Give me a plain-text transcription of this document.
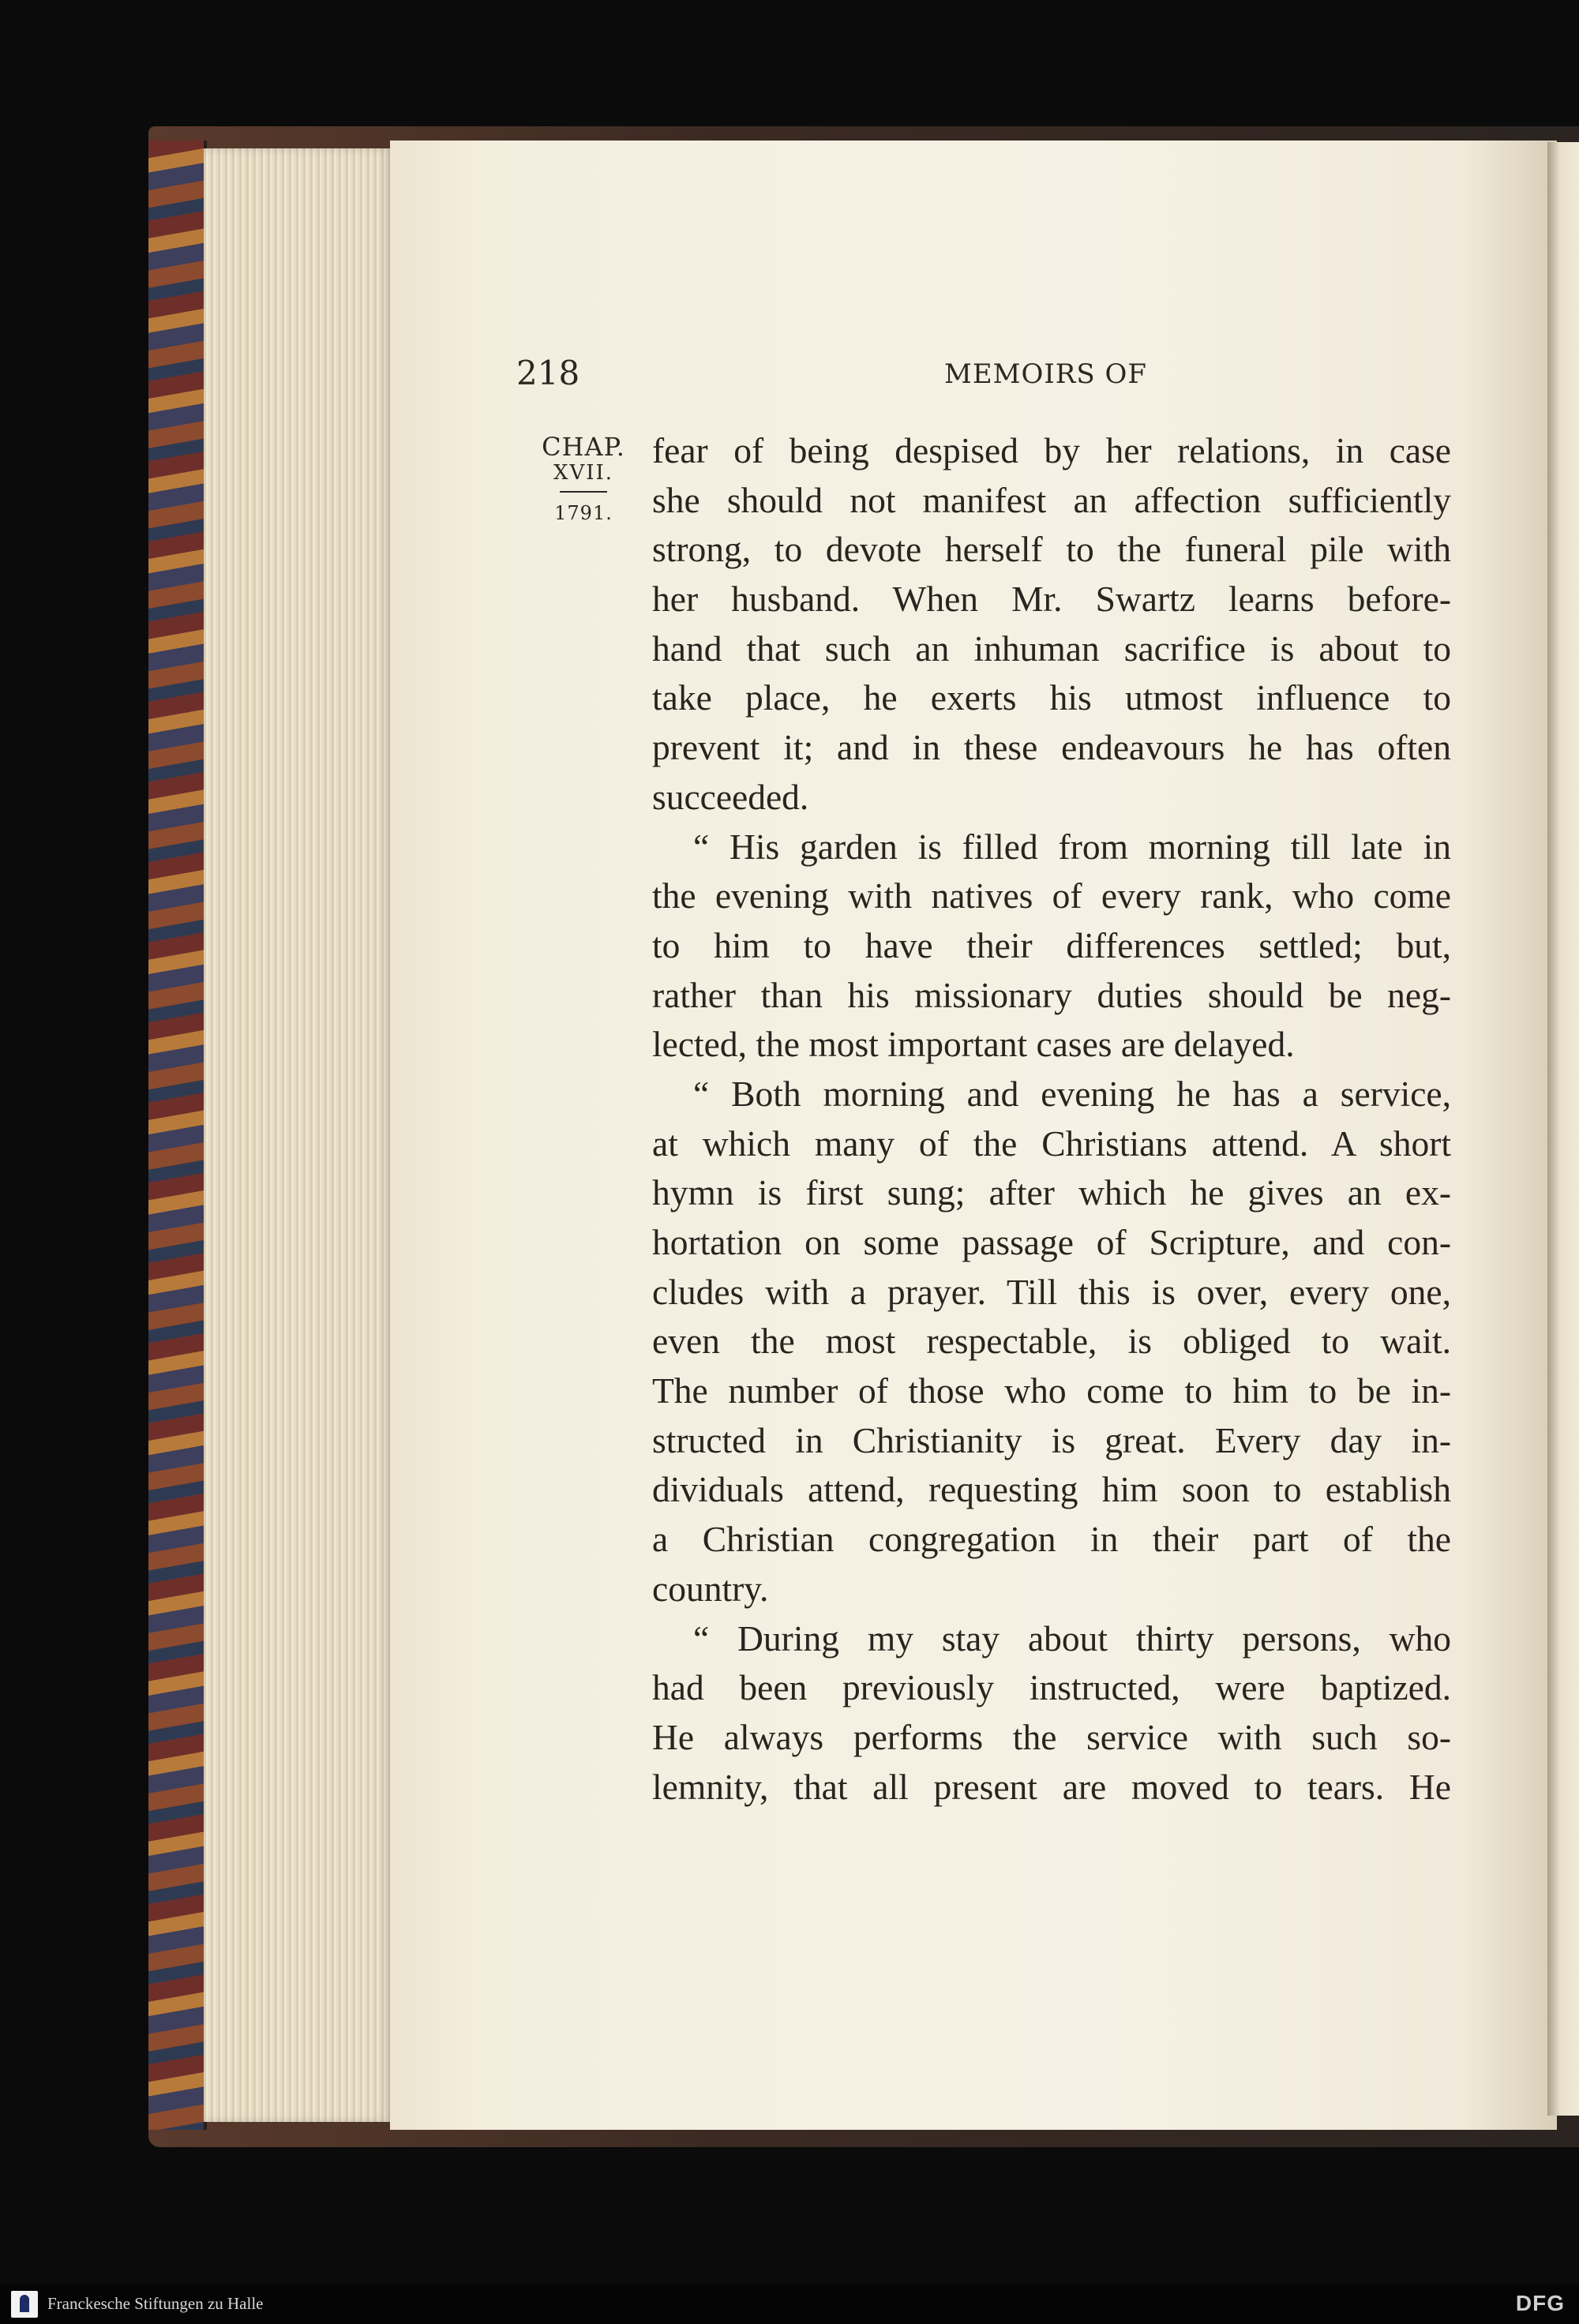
218	MEMOIRS OF
CHAP.
XVII.
1791.
fear of being despised by her relations, in case
she should not manifest an affection sufficiently
strong, to devote herself to the funeral pile with
her husband. When Mr. Swartz learns before-
hand that such an inhuman sacrifice is about to
take place, he exerts his utmost influence to
prevent it; and in these endeavours he has often
succeeded.
“ His garden is filled from morning till late in
the evening with natives of every rank, who come
to him to have their differences settled; but,
rather than his missionary duties should be neg-
lected, the most important cases are delayed.
“ Both morning and evening he has a service,
at which many of the Christians attend. A short
hymn is first sung; after which he gives an ex-
hortation on some passage of Scripture, and con-
cludes with a prayer. Till this is over, every one,
even the most respectable, is obliged to wait.
The number of those who come to him to be in-
structed in Christianity is great. Every day in-
dividuals attend, requesting him soon to establish
a Christian congregation in their part of the
country.
“ During my stay about thirty persons, who
had been previously instructed, were baptized.
He always performs the service with such so-
lemnity, that all present are moved to tears. He
Franckesche Stiftungen zu Halle	DFG
